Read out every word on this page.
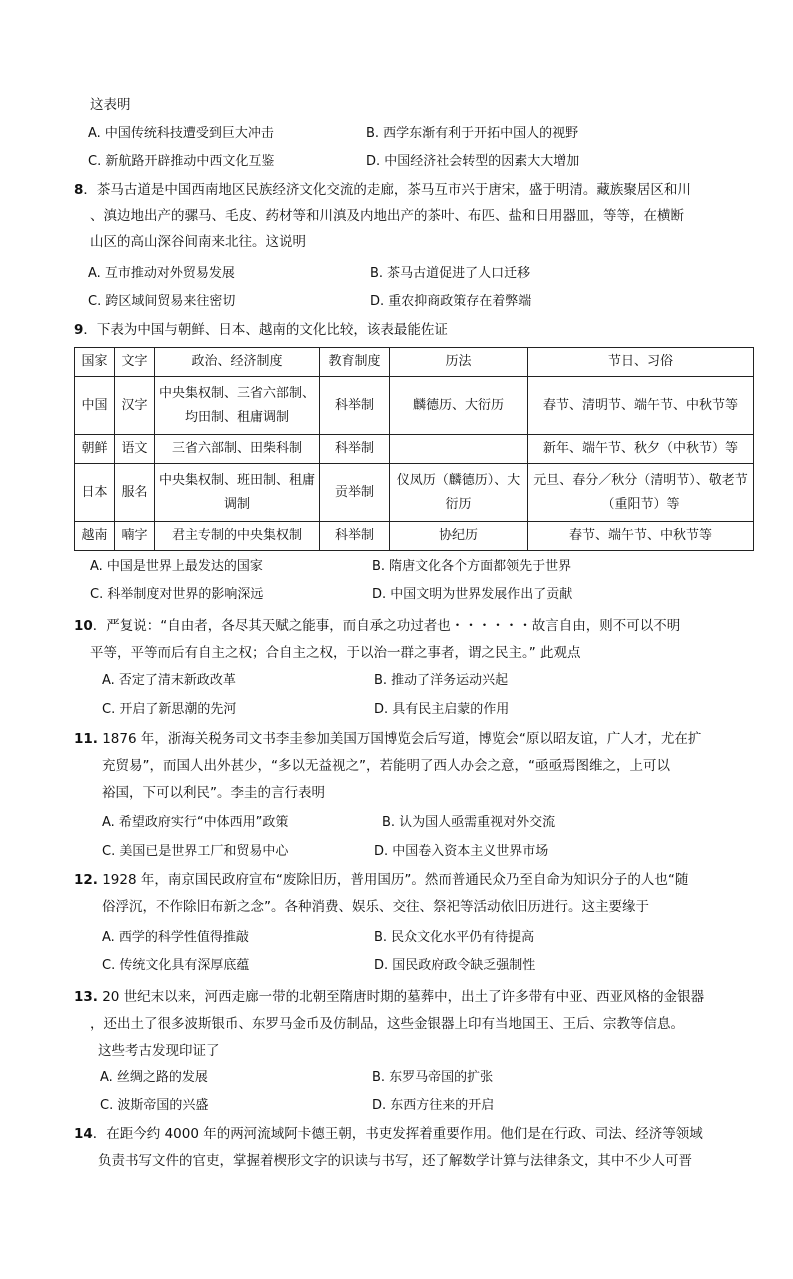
这表明
A. 中国传统科技遭受到巨大冲击	B. 西学东渐有利于开拓中国人的视野
C. 新航路开辟推动中西文化互鉴	D. 中国经济社会转型的因素大大增加
8．茶马古道是中国西南地区民族经济文化交流的走廊，茶马互市兴于唐宋，盛于明清。藏族聚居区和川
、滇边地出产的骡马、毛皮、药材等和川滇及内地出产的茶叶、布匹、盐和日用器皿，等等，在横断
山区的高山深谷间南来北往。这说明
A. 互市推动对外贸易发展	B. 茶马古道促进了人口迁移
C. 跨区域间贸易来往密切	D. 重农抑商政策存在着弊端
9．下表为中国与朝鲜、日本、越南的文化比较，该表最能佐证
国家	文字	政治、经济制度	教育制度	历法	节日、习俗
中国	汉字	中央集权制、三省六部制、均田制、租庸调制	科举制	麟德历、大衍历	春节、清明节、端午节、中秋节等
朝鲜	语文	三省六部制、田柴科制	科举制		新年、端午节、秋夕（中秋节）等
日本	服名	中央集权制、班田制、租庸调制	贡举制	仪凤历（麟德历）、大衍历	元旦、春分／秋分（清明节）、敬老节（重阳节）等
越南	喃字	君主专制的中央集权制	科举制	协纪历	春节、端午节、中秋节等
A. 中国是世界上最发达的国家	B. 隋唐文化各个方面都领先于世界
C. 科举制度对世界的影响深远	D. 中国文明为世界发展作出了贡献
10．严复说：“自由者，各尽其天赋之能事，而自承之功过者也・・・・・・故言自由，则不可以不明
平等，平等而后有自主之权；合自主之权，于以治一群之事者，谓之民主。” 此观点
A. 否定了清末新政改革	B. 推动了洋务运动兴起
C. 开启了新思潮的先河	D. 具有民主启蒙的作用
11. 1876 年，浙海关税务司文书李圭参加美国万国博览会后写道，博览会“原以昭友谊，广人才，尤在扩
充贸易”，而国人出外甚少，“多以无益视之”，若能明了西人办会之意，“亟亟焉图维之，上可以
裕国，下可以利民”。李圭的言行表明
A. 希望政府实行“中体西用”政策	B. 认为国人亟需重视对外交流
C. 美国已是世界工厂和贸易中心	D. 中国卷入资本主义世界市场
12. 1928 年，南京国民政府宣布“废除旧历，普用国历”。然而普通民众乃至自命为知识分子的人也“随
俗浮沉，不作除旧布新之念”。各种消费、娱乐、交往、祭祀等活动依旧历进行。这主要缘于
A. 西学的科学性值得推敲	B. 民众文化水平仍有待提高
C. 传统文化具有深厚底蕴	D. 国民政府政令缺乏强制性
13. 20 世纪末以来，河西走廊一带的北朝至隋唐时期的墓葬中，出土了许多带有中亚、西亚风格的金银器
，还出土了很多波斯银币、东罗马金币及仿制品，这些金银器上印有当地国王、王后、宗教等信息。
这些考古发现印证了
A. 丝绸之路的发展	B. 东罗马帝国的扩张
C. 波斯帝国的兴盛	D. 东西方往来的开启
14．在距今约 4000 年的两河流域阿卡德王朝，书吏发挥着重要作用。他们是在行政、司法、经济等领域
负责书写文件的官吏，掌握着楔形文字的识读与书写，还了解数学计算与法律条文，其中不少人可晋
